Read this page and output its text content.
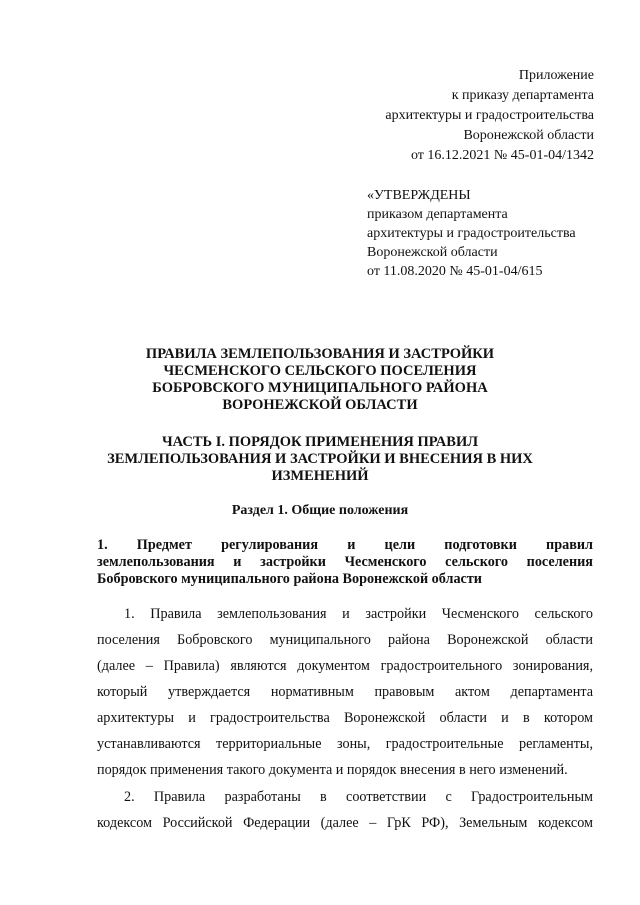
Приложение
к приказу департамента
архитектуры и градостроительства
Воронежской области
от 16.12.2021 № 45-01-04/1342
«УТВЕРЖДЕНЫ
приказом департамента
архитектуры и градостроительства
Воронежской области
от 11.08.2020 № 45-01-04/615
ПРАВИЛА ЗЕМЛЕПОЛЬЗОВАНИЯ И ЗАСТРОЙКИ
ЧЕСМЕНСКОГО СЕЛЬСКОГО ПОСЕЛЕНИЯ
БОБРОВСКОГО МУНИЦИПАЛЬНОГО РАЙОНА
ВОРОНЕЖСКОЙ ОБЛАСТИ
ЧАСТЬ I. ПОРЯДОК ПРИМЕНЕНИЯ ПРАВИЛ
ЗЕМЛЕПОЛЬЗОВАНИЯ И ЗАСТРОЙКИ И ВНЕСЕНИЯ В НИХ
ИЗМЕНЕНИЙ
Раздел 1. Общие положения
1. Предмет регулирования и цели подготовки правил
землепользования и застройки Чесменского сельского поселения
Бобровского муниципального района Воронежской области
1. Правила землепользования и застройки Чесменского сельского
поселения Бобровского муниципального района Воронежской области
(далее – Правила) являются документом градостроительного зонирования,
который утверждается нормативным правовым актом департамента
архитектуры и градостроительства Воронежской области и в котором
устанавливаются территориальные зоны, градостроительные регламенты,
порядок применения такого документа и порядок внесения в него изменений.
2. Правила разработаны в соответствии с Градостроительным
кодексом Российской Федерации (далее – ГрК РФ), Земельным кодексом
